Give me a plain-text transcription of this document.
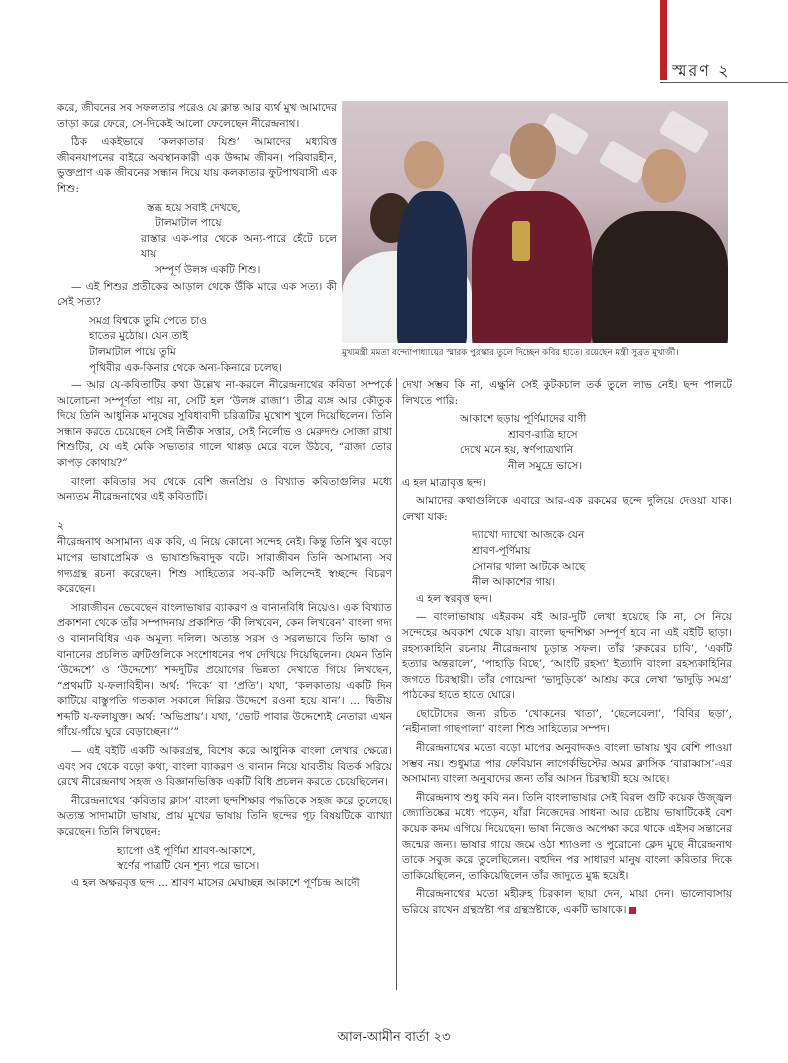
স্মরণ ২
মুখ্যমন্ত্রী মমতা বন্দ্যোপাধ্যায়ের স্মারক পুরস্কার তুলে দিচ্ছেন কবির হাতে। রয়েছেন মন্ত্রী সুব্রত মুখার্জী।

করে, জীবনের সব সফলতার পরেও যে ক্লান্ত আর ব্যর্থ মুখ আমাদের তাড়া করে ফেরে, সে-দিকেই আলো ফেলেছেন নীরেন্দ্রনাথ।

ঠিক একইভাবে ‘কলকাতার যিশু’ আমাদের মধ্যবিত্ত জীবনযাপনের বাইরে অবস্থানকারী এক উদ্দাম জীবন। পরিবারহীন, ভুক্তপ্রাণ এক জীবনের সন্ধান দিয়ে যায় কলকাতার ফুটপাথবাসী এক শিশু:

স্তব্ধ হয়ে সবাই দেখছে,
টালমাটাল পায়ে
রাস্তার এক-পার থেকে অন্য-পারে হেঁটে চলে যায়
সম্পূর্ণ উলঙ্গ একটি শিশু।

— এই শিশুর প্রতীকের আড়াল থেকে উঁকি মারে এক সত্য। কী সেই সত্য?

সমগ্র বিশ্বকে তুমি পেতে চাও
হাতের মুঠোয়। যেন তাই
টালমাটাল পায়ে তুমি
পৃথিবীর এক-কিনার থেকে অন্য-কিনারে চলেছ।

— আর যে-কবিতাটির কথা উল্লেখ না-করলে নীরেন্দ্রনাথের কবিতা সম্পর্কে আলোচনা সম্পূর্ণতা পায় না, সেটি হল ‘উলঙ্গ রাজা’। তীব্র ব্যঙ্গ আর কৌতুক দিয়ে তিনি আধুনিক মানুষের সুবিধাবাদী চরিত্রটির মুখোশ খুলে দিয়েছিলেন। তিনি সন্ধান করতে চেয়েছেন সেই নির্ভীক সত্তার, সেই নির্লোভ ও মেরুদণ্ড সোজা রাখা শিশুটির, যে এই মেকি সভ্যতার গালে থাপ্পড় মেরে বলে উঠবে, “রাজা তোর কাপড় কোথায়?”

বাংলা কবিতার সব থেকে বেশি জনপ্রিয় ও বিখ্যাত কবিতাগুলির মধ্যে অন্যতম নীরেন্দ্রনাথের এই কবিতাটি।

২

নীরেন্দ্রনাথ অসামান্য এক কবি, এ নিয়ে কোনো সন্দেহ নেই। কিন্তু তিনি খুব বড়ো মাপের ভাষাপ্রেমিক ও ভাষাশুদ্ধিবাদুক বটে। সারাজীবন তিনি অসামান্য সব গদ্যগ্রন্থ রচনা করেছেন। শিশু সাহিত্যের সব-কটি অলিন্দেই স্বচ্ছন্দে বিচরণ করেছেন।

সারাজীবন ভেবেছেন বাংলাভাষার ব্যাকরণ ও বানানবিধি নিয়েও। এক বিখ্যাত প্রকাশনা থেকে তাঁর সম্পাদনায় প্রকাশিত ‘কী লিখবেন, কেন লিখবেন’ বাংলা গদ্য ও বানানবিধির এক অমূল্য দলিল। অত্যন্ত সরস ও সরলভাবে তিনি ভাষা ও বানানের প্রচলিত ত্রুটিগুলিকে সংশোধনের পথ দেখিয়ে দিয়েছিলেন। যেমন তিনি ‘উদ্দেশে’ ও ‘উদ্দেশ্যে’ শব্দদুটির প্রয়োগের ভিন্নতা দেখাতে গিয়ে লিখছেন, “প্রথমটি য-ফলাবিহীন। অর্থ: ‘দিকে’ বা ‘প্রতি’। যথা, ‘কলকাতায় একটি দিন কাটিয়ে বাস্তুপতি গতকাল সকালে দিল্লির উদ্দেশে রওনা হয়ে যান’। ... দ্বিতীয় শব্দটি য-ফলাযুক্ত। অর্থ: ‘অভিপ্রায়’। যথা, ‘ভোট পাবার উদ্দেশ্যেই নেতারা এখন গাঁয়ে-গাঁয়ে ঘুরে বেড়াচ্ছেন।’”

— এই বইটি একটি আকরগ্রন্থ, বিশেষ করে আধুনিক বাংলা লেখার ক্ষেত্রে। এবং সব থেকে বড়ো কথা, বাংলা ব্যাকরণ ও বানান নিয়ে যাবতীয় বিতর্ক সরিয়ে রেখে নীরেন্দ্রনাথ সহজ ও বিজ্ঞানভিত্তিক একটি বিধি প্রচলন করতে চেয়েছিলেন।

নীরেন্দ্রনাথের ‘কবিতার ক্লাস’ বাংলা ছন্দশিক্ষার পদ্ধতিকে সহজ করে তুলেছে। অত্যন্ত সাদামাটা ভাষায়, প্রায় মুখের ভাষায় তিনি ছন্দের গূঢ় বিষয়টিকে ব্যাখ্যা করেছেন। তিনি লিখছেন:

হ্যাপো ওই পূর্ণিমা শ্রাবণ-আকাশে,
স্বর্ণের পাত্রটি যেন শূন্য পরে ভাসে।

এ হল অক্ষরবৃত্ত ছন্দ ... শ্রাবণ মাসের মেঘাচ্ছন্ন আকাশে পূর্ণচন্দ্র আদৌ

দেখা সম্ভব কি না, এক্ষুনি সেই কুটকচাল তর্ক তুলে লাভ নেই। ছন্দ পালটে লিখতে পারি:

আকাশে ছড়ায় পূর্ণিমাদের বাণী
শ্রাবণ-রাত্রি হাসে
দেখে মনে হয়, স্বর্ণপাত্রখানি
নীল সমুদ্রে ভাসে।

এ হল মাত্রাবৃত্ত ছন্দ।

আমাদের কথাগুলিকে এবারে আর-এক রকমের ছন্দে দুলিয়ে দেওয়া যাক। লেখা যাক:

দ্যাখো দ্যাখো আজকে যেন
শ্রাবণ-পূর্ণিমায়
সোনার থালা আটকে আছে
নীল আকাশের গায়।

এ হল স্বরবৃত্ত ছন্দ।

— বাংলাভাষায় এইরকম বই আর-দুটি লেখা হয়েছে কি না, সে নিয়ে সন্দেহের অবকাশ থেকে যায়। বাংলা ছন্দশিক্ষা সম্পূর্ণ হবে না এই বইটি ছাড়া। রহস্যকাহিনি রচনায় নীরেন্দ্রনাথ চূড়ান্ত সফল। তাঁর ‘রুকরের চাবি’, ‘একটি হত্যার অন্তরালে’, ‘পাহাড়ি বিছে’, ‘আংটি রহস্য’ ইত্যাদি বাংলা রহস্যকাহিনির জগতে চিরস্থায়ী। তাঁর গোয়েন্দা ‘ভাদুড়িকে’ আশ্রয় করে লেখা ‘ভাদুড়ি সমগ্র’ পাঠকের হাতে হাতে ঘোরে।

ছোটোদের জন্য রচিত ‘খোকনের খাতা’, ‘ছেলেবেলা’, ‘বিবির ছড়া’, ‘নহীনালা গাছপালা’ বাংলা শিশু সাহিত্যের সম্পদ।

নীরেন্দ্রনাথের মতো বড়ো মাপের অনুবাদকও বাংলা ভাষায় খুব বেশি পাওয়া সম্ভব নয়। শুধুমাত্র পার ফেবিয়ান লাগের্কভিস্টের অমর ক্লাসিক ‘বারাব্বাস’-এর অসামান্য বাংলা অনুবাদের জন্য তাঁর আসন চিরস্থায়ী হয়ে আছে।

নীরেন্দ্রনাথ শুধু কবি নন। তিনি বাংলাভাষার সেই বিরল গুটি কয়েক উজ্জ্বল জ্যোতিষ্কের মধ্যে পড়েন, যাঁরা নিজেদের সাধনা আর চেষ্টায় ভাষাটিকেই বেশ কয়েক কদম এগিয়ে দিয়েছেন। ভাষা নিজেও অপেক্ষা করে থাকে এইসব সন্তানের জন্মের জন্য। ভাষার গায়ে জমে ওঠা শ্যাওলা ও পুরোনো ক্লেদ মুছে নীরেন্দ্রনাথ তাকে সবুজ করে তুলেছিলেন। বহুদিন পর সাধারণ মানুষ বাংলা কবিতার দিকে তাকিয়েছিলেন, তাকিয়েছিলেন তাঁর জাদুতে মুগ্ধ হয়েই।

নীরেন্দ্রনাথের মতো মহীরুহ চিরকাল ছায়া দেন, মায়া দেন। ভালোবাসায় ভরিয়ে রাখেন গ্রন্থস্রষ্টা পর গ্রন্থস্রষ্টাকে, একটি ভাষাকে।

আল-আমীন বার্তা ২৩
